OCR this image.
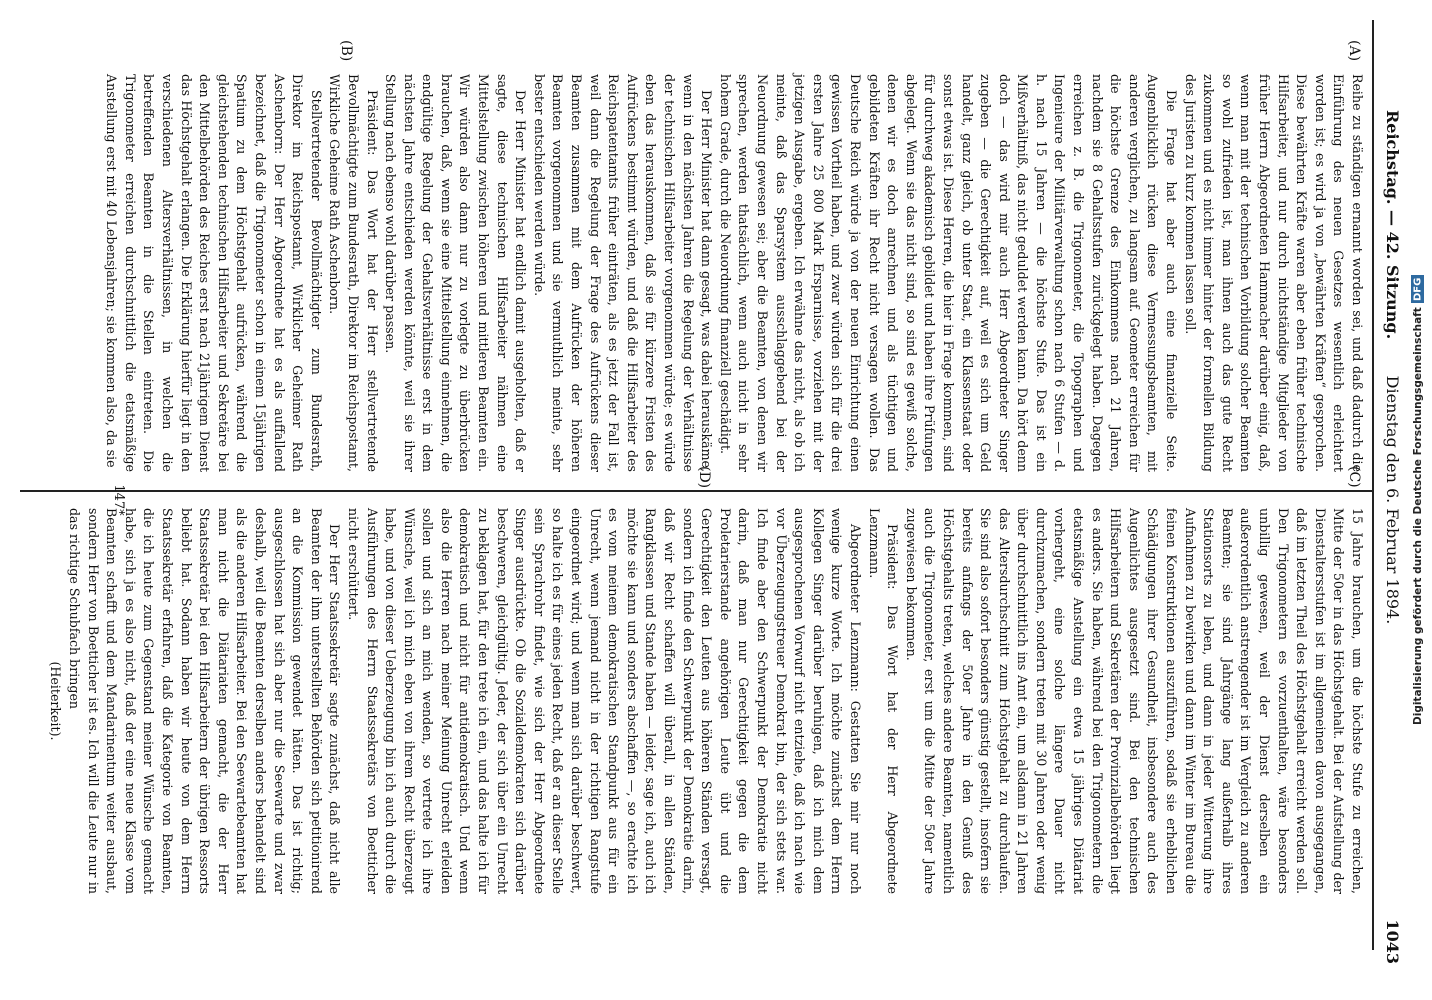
Reichstag. — 42. Sitzung.
Dienstag den 6. Februar 1894.
1043
(A)
(B)
(C)
(D)

Reihe zu ständigen ernannt worden sei, und daß dadurch die Einführung des neuen Gesetzes wesentlich erleichtert worden ist; es wird ja von „bewährten Kräften“ gesprochen. Diese bewährten Kräfte waren aber eben früher technische Hilfsarbeiter, und nur durch nichtständige Mitglieder von früher Herrn Abgeordneten Hammacher darüber einig, daß, wenn man mit der technischen Vorbildung solcher Beamten so wohl zufrieden ist, man ihnen auch das gute Recht zukommen und es nicht immer hinter der formellen Bildung des Juristen zu kurz kommen lassen soll.

Die Frage hat aber auch eine finanzielle Seite. Augenblicklich rücken diese Vermessungsbeamten, mit anderen verglichen, zu langsam auf. Geometer erreichen für die höchste Grenze des Einkommens nach 21 Jahren, nachdem sie 8 Gehaltsstufen zurückgelegt haben. Dagegen erreichen z. B. die Trigonometer, die Topographen und Ingenieure der Militärverwaltung schon nach 6 Stufen — d. h. nach 15 Jahren — die höchste Stufe. Das ist ein Mißverhältniß, das nicht geduldet werden kann. Da hört denn doch — das wird mir auch Herr Abgeordneter Singer zugeben — die Gerechtigkeit auf, weil es sich um Geld handelt, ganz gleich, ob unter Staat, ein Klassenstaat oder sonst etwas ist. Diese Herren, die hier in Frage kommen, sind für durchweg akademisch gebildet und haben ihre Prüfungen abgelegt. Wenn sie das nicht sind, so sind es gewiß solche, denen wir es doch anrechnen und als tüchtigen und gebildeten Kräften ihr Recht nicht versagen wollen. Das Deutsche Reich würde ja von der neuen Einrichtung einen gewissen Vortheil haben, und zwar würden sich für die drei ersten Jahre 25 800 Mark Ersparnisse, vorziehen mit der jetzigen Ausgabe, ergeben. Ich erwähne das nicht, als ob ich meinte, daß das Sparsystem ausschlaggebend bei der Neuordnung gewesen sei; aber die Beamten, von denen wir sprechen, werden thatsächlich, wenn auch nicht in sehr hohem Grade, durch die Neuordnung finanziell geschädigt.

Der Herr Minister hat dann gesagt, was dabei herauskäme, wenn in den nächsten Jahren die Regelung der Verhältnisse der technischen Hilfsarbeiter vorgenommen würde; es würde eben das herauskommen, daß sie für kürzere Fristen des Aufrückens bestimmt würden, und daß die Hilfsarbeiter des Reichspatentamts früher einträten, als es jetzt der Fall ist, weil dann die Regelung der Frage des Aufrückens dieser Beamten zusammen mit dem Aufrücken der höheren Beamten vorgenommen und sie vermuthlich meinte, sehr bester entschieden werden würde.

Der Herr Minister hat endlich damit ausgeholten, daß er sagte, diese technischen Hilfsarbeiter nähmen eine Mittelstellung zwischen höheren und mittleren Beamten ein. Wir würden also dann nur zu vorlegte zu überbrücken brauchen, daß, wenn sie eine Mittelstellung einnehmen, die endgültige Regelung der Gehaltsverhältnisse erst in dem nächsten Jahre entschieden werden könnte, weil sie ihrer Stellung nach ebenso wohl darüber passen.

Präsident: Das Wort hat der Herr stellvertretende Bevollmächtigte zum Bundesrath, Direktor im Reichspostamt, Wirkliche Geheime Rath Aschenborn.

Stellvertretender Bevollmächtigter zum Bundesrath, Direktor im Reichspostamt, Wirklicher Geheimer Rath Aschenborn: Der Herr Abgeordnete hat es als auffallend bezeichnet, daß die Trigonometer schon in einem 15jährigen Spatium zu dem Höchstgehalt aufrücken, während die gleichstehenden technischen Hilfsarbeiter und Sekretäre bei den Mittelbehörden des Reiches erst nach 21jährigem Dienst das Höchstgehalt erlangen. Die Erklärung hierfür liegt in den verschiedenen Altersverhältnissen, in welchen die betreffenden Beamten in die Stellen eintreten. Die Trigonometer erreichen durchschnittlich die etatsmäßige Anstellung erst mit 40 Lebensjahren; sie kommen also, da sie

15 Jahre brauchen, um die höchste Stufe zu erreichen, Mitte der 50er in das Höchstgehalt. Bei der Aufstellung der Dienstaltersstufen ist im allgemeinen davon ausgegangen, daß im letzten Theil des Höchstgehalt erreicht werden soll. Den Trigonometern es vorzuenthalten, wäre besonders unbillig gewesen, weil der Dienst derselben ein außerordentlich anstrengender ist im Vergleich zu anderen Beamten; sie sind Jahrgänge lang außerhalb ihres Stationsorts zu leben, und dann in jeder Witterung ihre Aufnahmen zu bewirken und dann im Winter im Bureau die feinen Konstruktionen auszuführen, sodaß sie erheblichen Schädigungen ihrer Gesundheit, insbesondere auch des Augenlichtes ausgesetzt sind. Bei den technischen Hilfsarbeitern und Sekretären der Provinzialbehörden liegt es anders. Sie haben, während bei den Trigonometern die etatsmäßige Anstellung ein etwa 15 jähriges Diätariat vorhergeht, eine solche längere Dauer nicht durchzumachen, sondern treten mit 30 Jahren oder wenig über durchschnittlich ins Amt ein, um alsdann in 21 Jahren das Altersdurchschnitt zum Höchstgehalt zu durchlaufen. Sie sind also sofort besonders günstig gestellt, insofern sie bereits anfangs der 50er Jahre in den Genuß des Höchstgehalts treten, welches andere Beamten, namentlich auch die Trigonometer, erst um die Mitte der 50er Jahre zugewiesen bekommen.

Präsident: Das Wort hat der Herr Abgeordnete Lenzmann.

Abgeordneter Lenzmann: Gestatten Sie mir nur noch wenige kurze Worte. Ich möchte zunächst dem Herrn Kollegen Singer darüber beruhigen, daß ich mich dem ausgesprochenen Vorwurf nicht entziehe, daß ich nach wie vor Überzeugungstreuer Demokrat bin, der sich stets war. Ich finde aber den Schwerpunkt der Demokratie nicht darin, daß man nur Gerechtigkeit gegen die dem Proletarierstande angehörigen Leute übt und die Gerechtigkeit den Leuten aus höheren Ständen versagt, sondern ich finde den Schwerpunkt der Demokratie darin, daß wir Recht schaffen will überall, in allen Ständen, Rangklassen und Stande haben — leider, sage ich, auch ich möchte sie kann und sonders abschaffen —, so erachte ich es vom meinem demokratischen Standpunkt aus für ein Unrecht, wenn jemand nicht in der richtigen Rangstufe eingeordnet wird; und wenn man sich darüber beschwert, so halte ich es für eines jeden Recht, daß er an dieser Stelle sein Sprachrohr findet, wie sich der Herr Abgeordnete Singer ausdrückte. Ob die Sozialdemokraten sich darüber beschweren, gleichgültig. Jeder, der sich über ein Unrecht zu beklagen hat, für den trete ich ein, und das halte ich für demokratisch und nicht für antidemokratisch. Und wenn also die Herren nach meiner Meinung Unrecht erleiden sollen und sich an mich wenden, so vertrete ich ihre Wünsche, weil ich mich eben von ihrem Recht überzeugt habe, und von dieser Ueberzeugung bin ich auch durch die Ausführungen des Herrn Staatssekretärs von Boetticher nicht erschüttert.

Der Herr Staatssekretär sagte zunächst, daß nicht alle Beamten der ihm unterstellten Behörden sich petitionirend an die Kommission gewendet hätten. Das ist richtig; ausgeschlossen hat sich aber nur die Seewarte und zwar deshalb, weil die Beamten derselben anders behandelt sind als die anderen Hilfsarbeiter. Bei den Seewartebeamten hat man nicht die Diätariaten gemacht, die der Herr Staatssekretär bei den Hilfsarbeitern der übrigen Ressorts beliebt hat. Sodann haben wir heute von dem Herrn Staatssekretär erfahren, daß die Kategorie von Beamten, die ich heute zum Gegenstand meiner Wünsche gemacht habe, sich ja es also nicht, daß der eine neue Klasse vom Beamten schafft und dem Mandarinentum weiter ausbaut, sondern Herr von Boetticher ist es. Ich will die Leute nur in das richtige Schubfach bringen

(Heiterkeit).

147*	Digitalisierung gefördert durch die Deutsche Forschungsgemeinschaft
DFG
